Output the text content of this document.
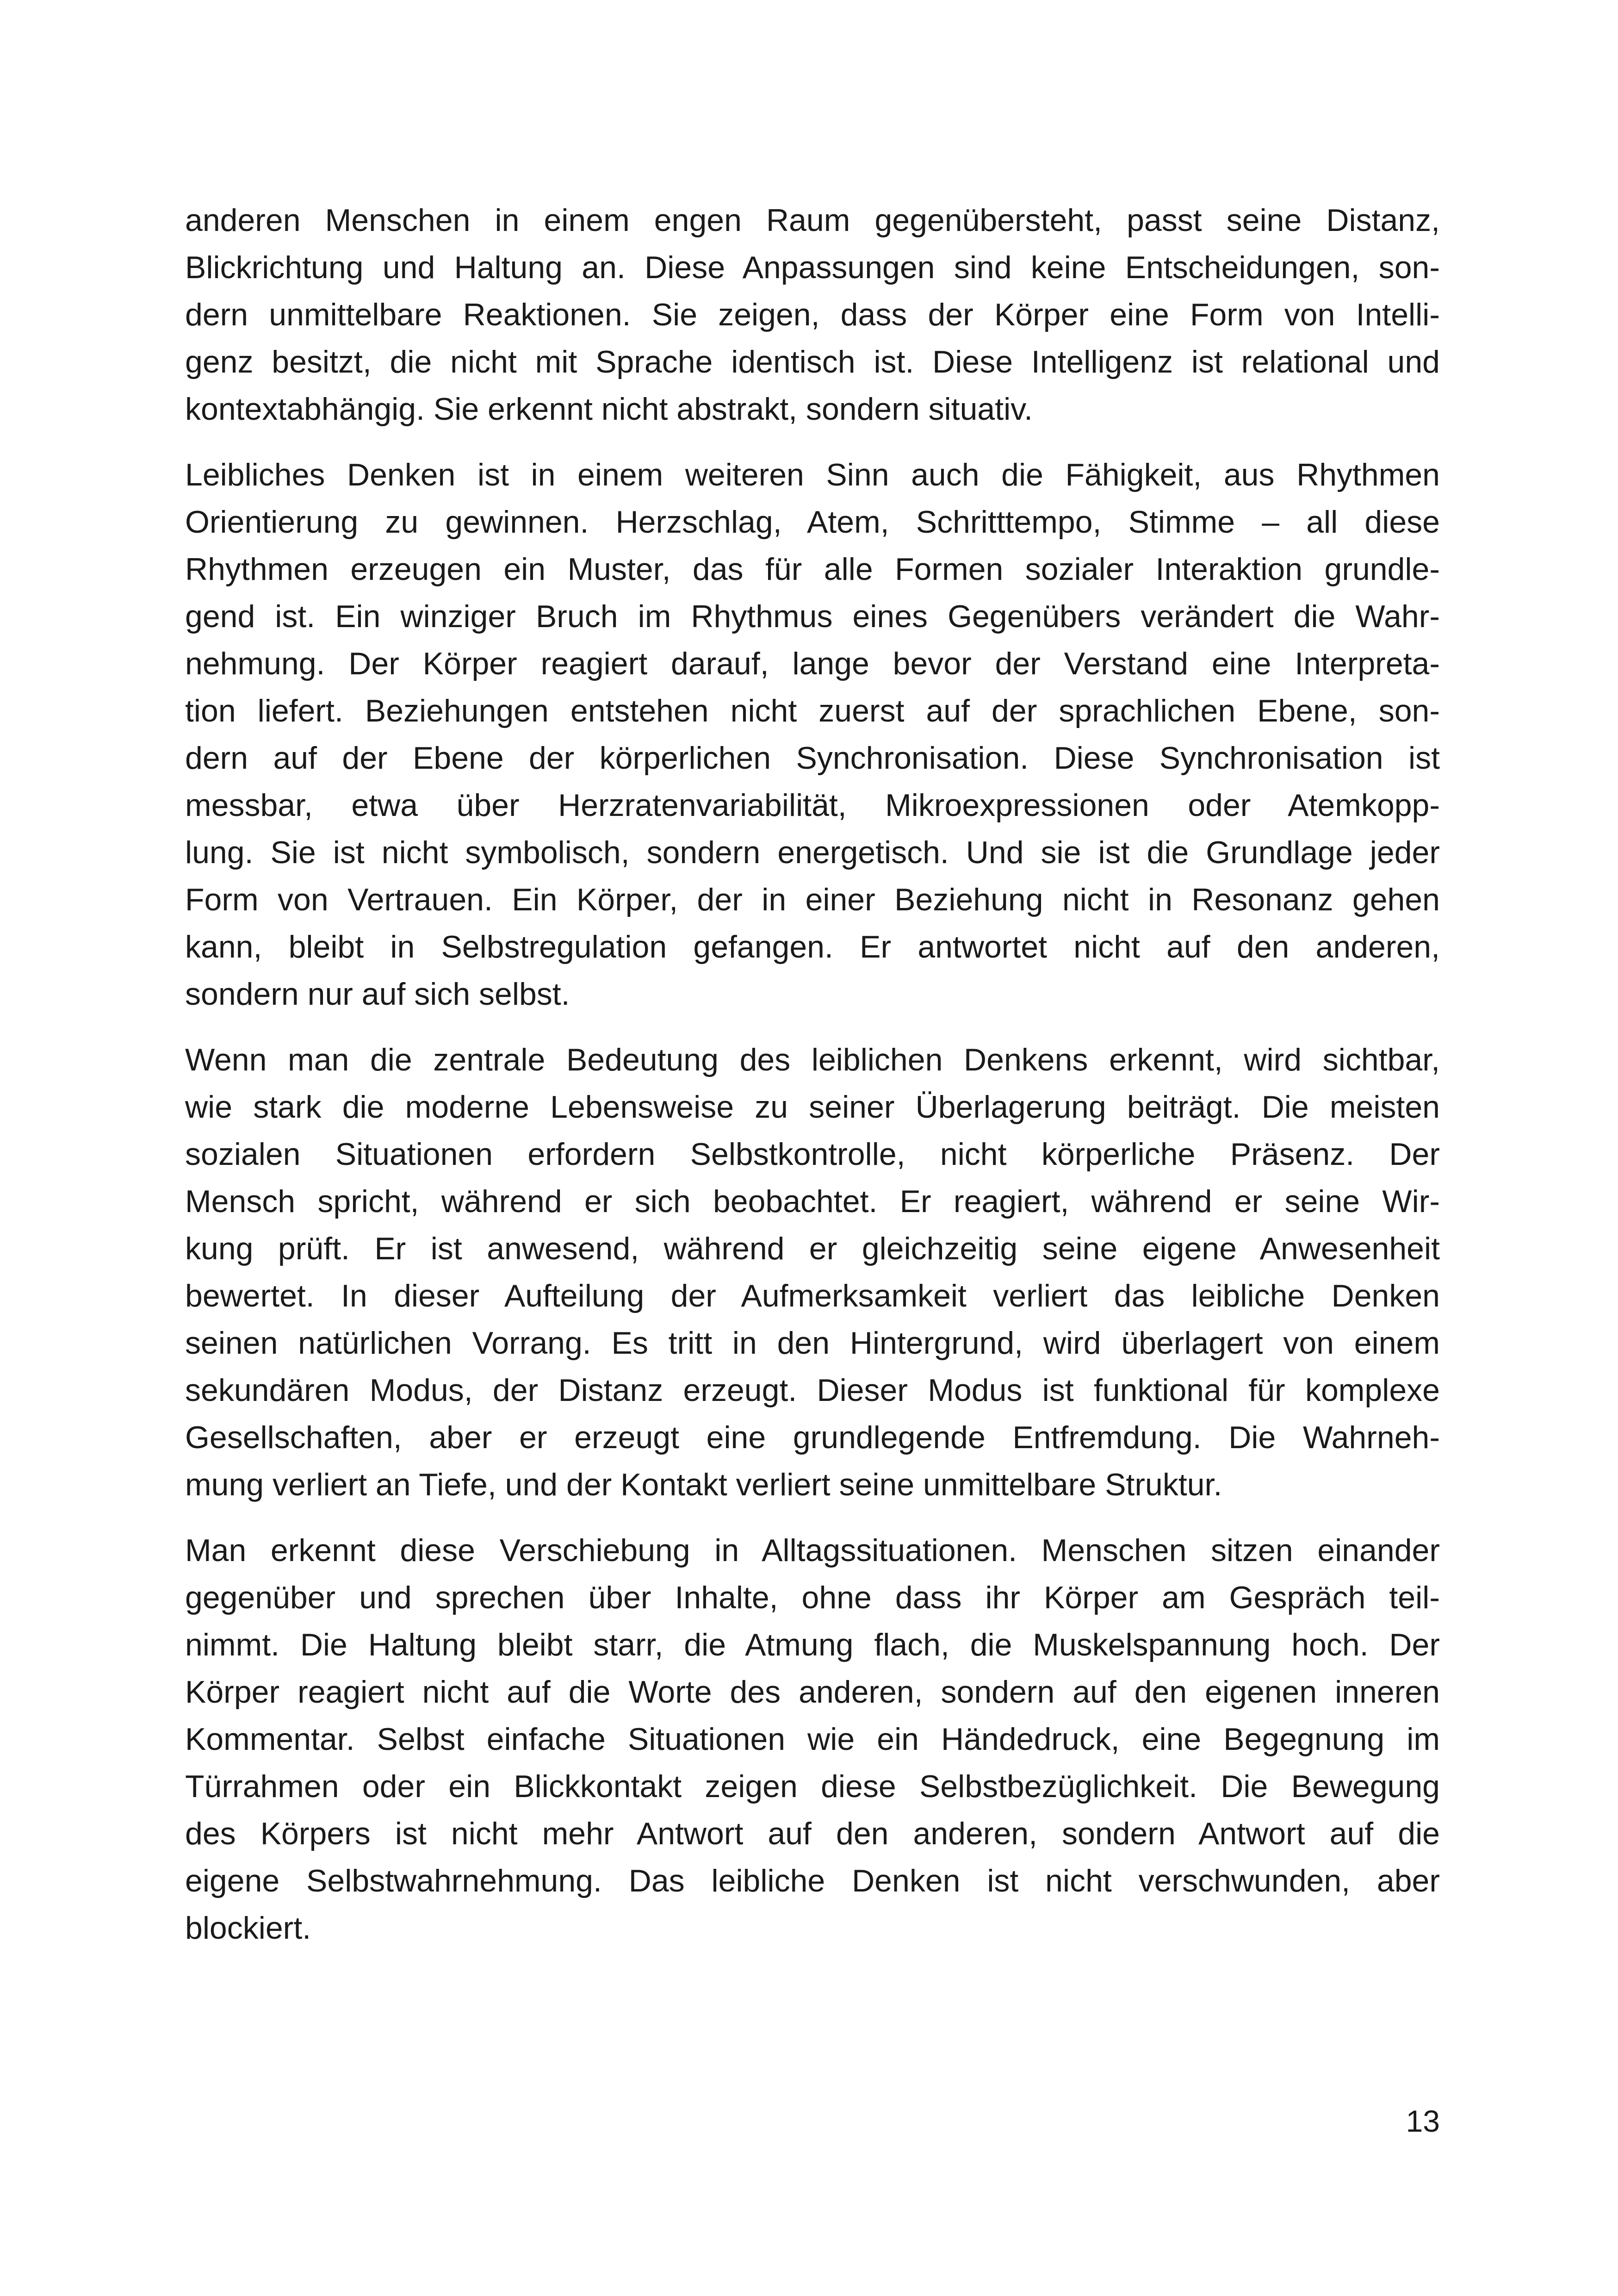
anderen Menschen in einem engen Raum gegenübersteht, passt seine Distanz,
Blickrichtung und Haltung an. Diese Anpassungen sind keine Entscheidungen, son-
dern unmittelbare Reaktionen. Sie zeigen, dass der Körper eine Form von Intelli-
genz besitzt, die nicht mit Sprache identisch ist. Diese Intelligenz ist relational und
kontextabhängig. Sie erkennt nicht abstrakt, sondern situativ.
Leibliches Denken ist in einem weiteren Sinn auch die Fähigkeit, aus Rhythmen
Orientierung zu gewinnen. Herzschlag, Atem, Schritttempo, Stimme – all diese
Rhythmen erzeugen ein Muster, das für alle Formen sozialer Interaktion grundle-
gend ist. Ein winziger Bruch im Rhythmus eines Gegenübers verändert die Wahr-
nehmung. Der Körper reagiert darauf, lange bevor der Verstand eine Interpreta-
tion liefert. Beziehungen entstehen nicht zuerst auf der sprachlichen Ebene, son-
dern auf der Ebene der körperlichen Synchronisation. Diese Synchronisation ist
messbar, etwa über Herzratenvariabilität, Mikroexpressionen oder Atemkopp-
lung. Sie ist nicht symbolisch, sondern energetisch. Und sie ist die Grundlage jeder
Form von Vertrauen. Ein Körper, der in einer Beziehung nicht in Resonanz gehen
kann, bleibt in Selbstregulation gefangen. Er antwortet nicht auf den anderen,
sondern nur auf sich selbst.
Wenn man die zentrale Bedeutung des leiblichen Denkens erkennt, wird sichtbar,
wie stark die moderne Lebensweise zu seiner Überlagerung beiträgt. Die meisten
sozialen Situationen erfordern Selbstkontrolle, nicht körperliche Präsenz. Der
Mensch spricht, während er sich beobachtet. Er reagiert, während er seine Wir-
kung prüft. Er ist anwesend, während er gleichzeitig seine eigene Anwesenheit
bewertet. In dieser Aufteilung der Aufmerksamkeit verliert das leibliche Denken
seinen natürlichen Vorrang. Es tritt in den Hintergrund, wird überlagert von einem
sekundären Modus, der Distanz erzeugt. Dieser Modus ist funktional für komplexe
Gesellschaften, aber er erzeugt eine grundlegende Entfremdung. Die Wahrneh-
mung verliert an Tiefe, und der Kontakt verliert seine unmittelbare Struktur.
Man erkennt diese Verschiebung in Alltagssituationen. Menschen sitzen einander
gegenüber und sprechen über Inhalte, ohne dass ihr Körper am Gespräch teil-
nimmt. Die Haltung bleibt starr, die Atmung flach, die Muskelspannung hoch. Der
Körper reagiert nicht auf die Worte des anderen, sondern auf den eigenen inneren
Kommentar. Selbst einfache Situationen wie ein Händedruck, eine Begegnung im
Türrahmen oder ein Blickkontakt zeigen diese Selbstbezüglichkeit. Die Bewegung
des Körpers ist nicht mehr Antwort auf den anderen, sondern Antwort auf die
eigene Selbstwahrnehmung. Das leibliche Denken ist nicht verschwunden, aber
blockiert.
13
